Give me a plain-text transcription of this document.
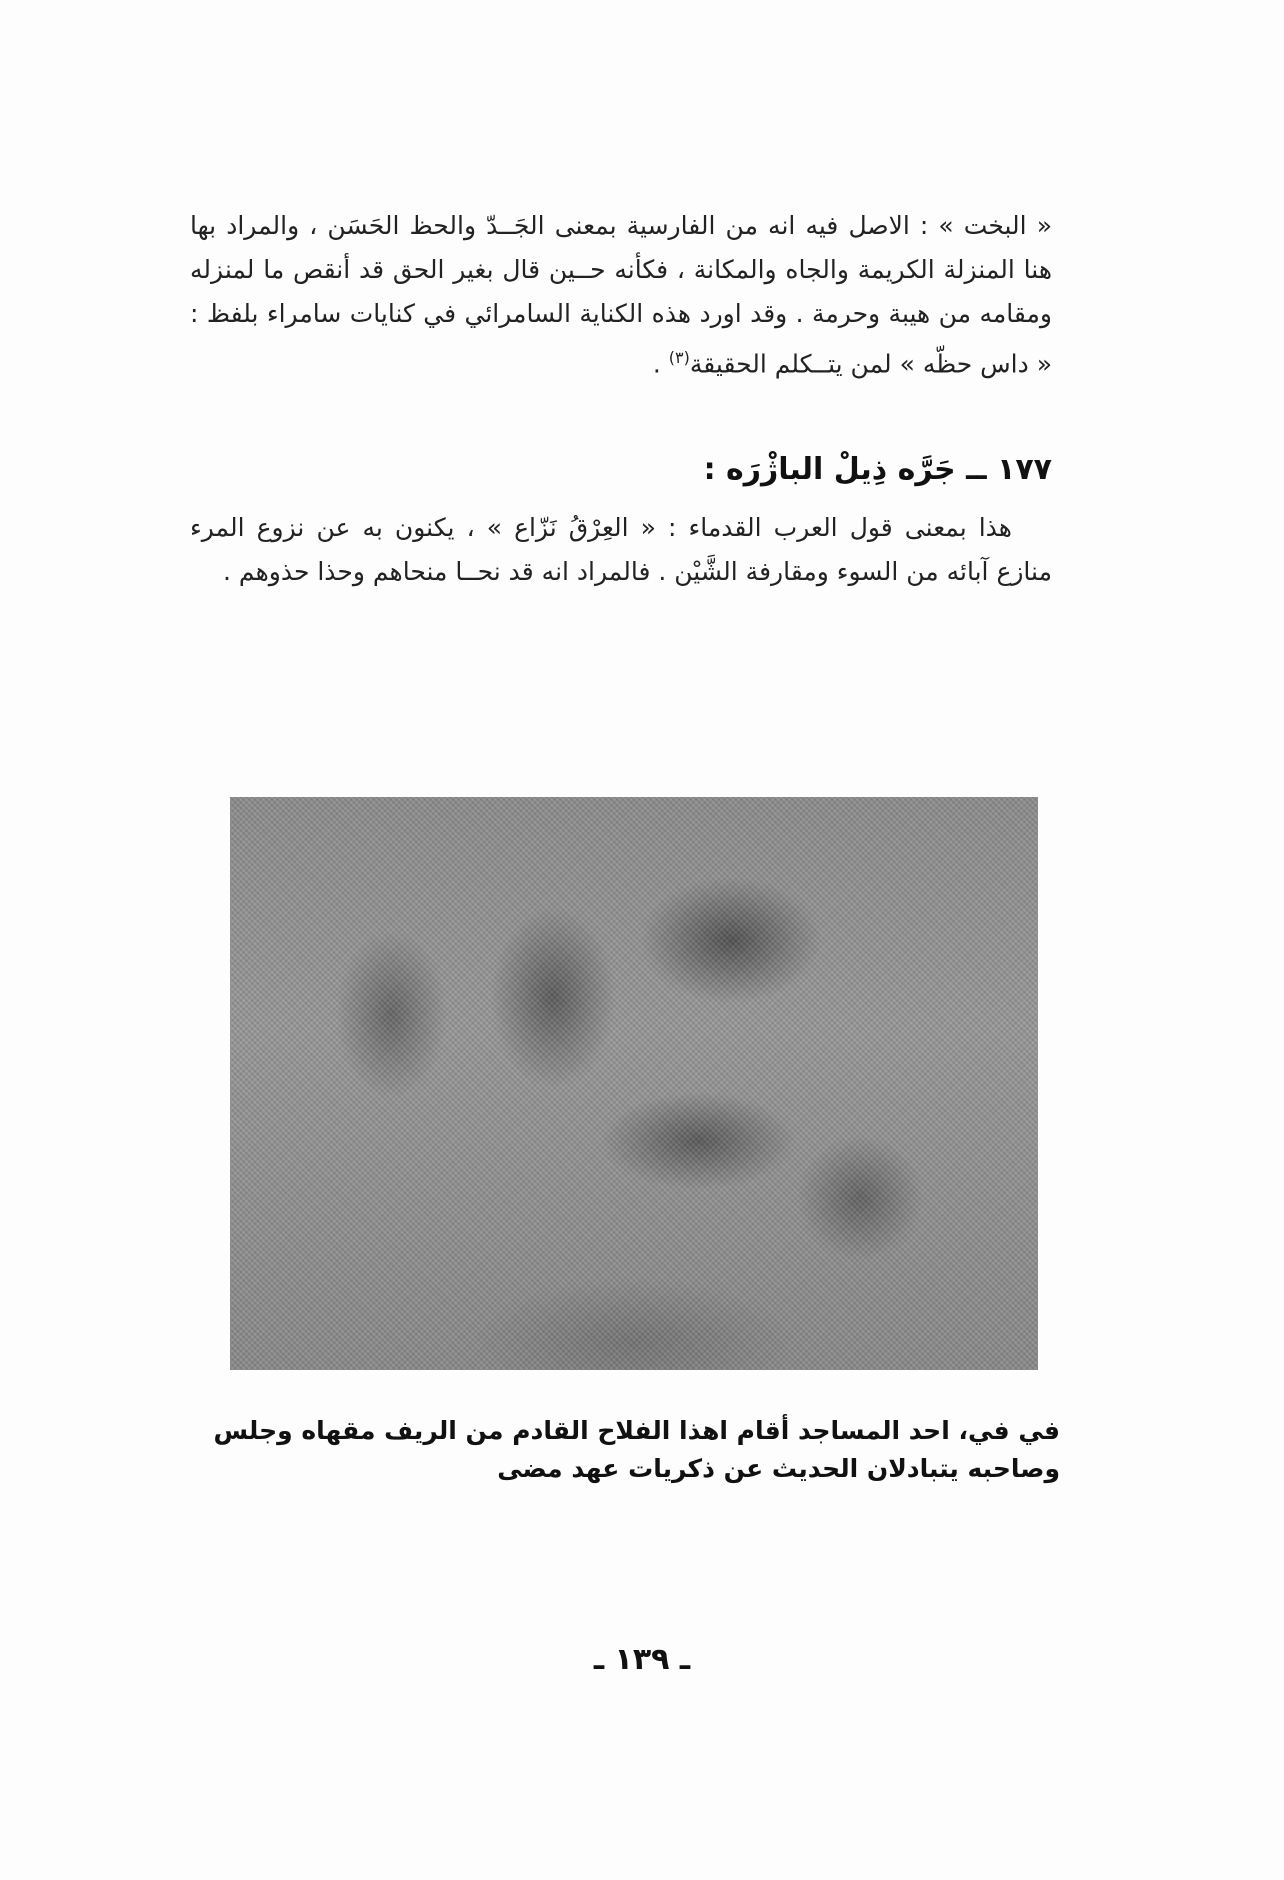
« البخت » : الاصل فيه انه من الفارسية بمعنى الجَــدّ والحظ الحَسَن ، والمراد بها هنا المنزلة الكريمة والجاه والمكانة ، فكأنه حــين قال بغير الحق قد أنقص ما لمنزله ومقامه من هيبة وحرمة . وقد اورد هذه الكناية السامرائي في كنايات سامراء بلفظ : « داس حظّه » لمن يتــكلم الحقيقة$^{(٣)}$ .

١٧٧ ــ جَرَّه ذِيلْ الباژْرَه :

هذا بمعنى قول العرب القدماء : « العِرْقُ نَزّاع » ، يكنون به عن نزوع المرء منازع آبائه من السوء ومقارفة الشَّيْن . فالمراد انه قد نحــا منحاهم وحذا حذوهم .

في في، احد المساجد أقام اهذا الفلاح القادم من الريف مقهاه وجلس
وصاحبه يتبادلان الحديث عن ذكريات عهد مضى
ـ ١٣٩ ـ
